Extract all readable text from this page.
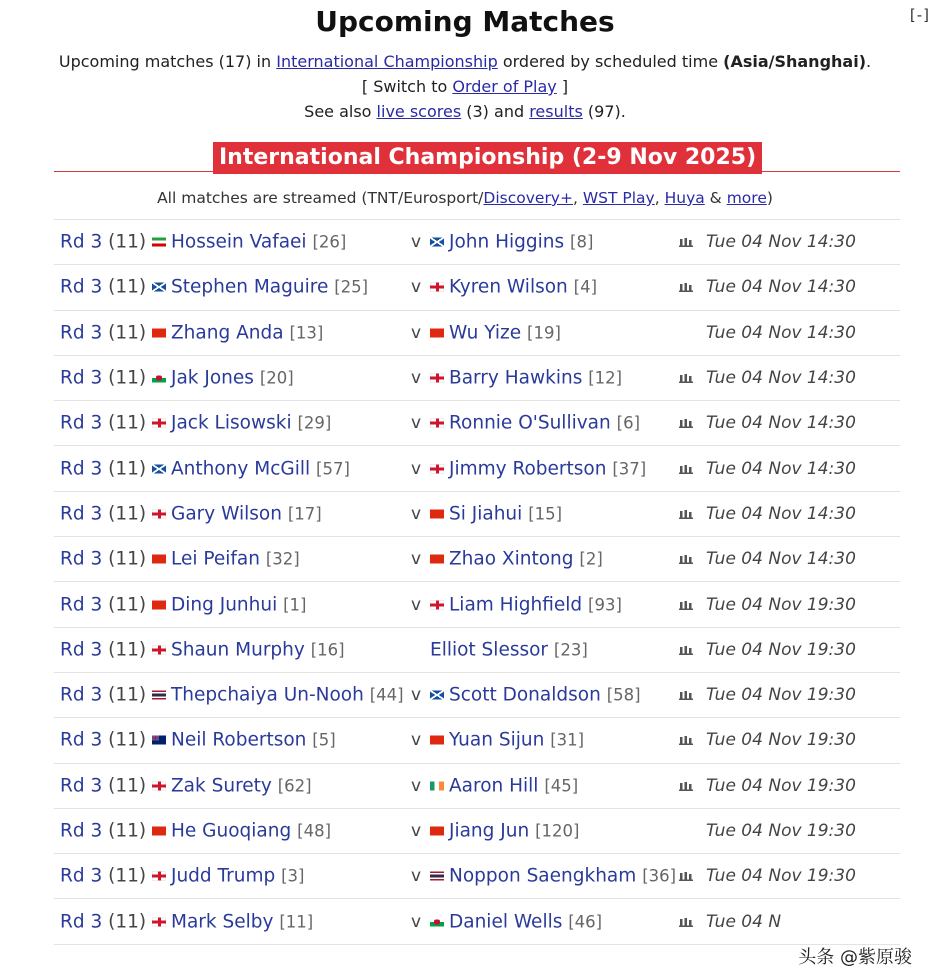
[-]
Upcoming Matches
Upcoming matches (17) in International Championship ordered by scheduled time (Asia/Shanghai).
[ Switch to Order of Play ]
See also live scores (3) and results (97).
International Championship (2-9 Nov 2025)
All matches are streamed (TNT/Eurosport/Discovery+, WST Play, Huya & more)
Rd 3 (11)	Hossein Vafaei [26]	v	John Higgins [8]	Tue 04 Nov 14:30
Rd 3 (11)	Stephen Maguire [25]	v	Kyren Wilson [4]	Tue 04 Nov 14:30
Rd 3 (11)	Zhang Anda [13]	v	Wu Yize [19]	Tue 04 Nov 14:30
Rd 3 (11)	Jak Jones [20]	v	Barry Hawkins [12]	Tue 04 Nov 14:30
Rd 3 (11)	Jack Lisowski [29]	v	Ronnie O'Sullivan [6]	Tue 04 Nov 14:30
Rd 3 (11)	Anthony McGill [57]	v	Jimmy Robertson [37]	Tue 04 Nov 14:30
Rd 3 (11)	Gary Wilson [17]	v	Si Jiahui [15]	Tue 04 Nov 14:30
Rd 3 (11)	Lei Peifan [32]	v	Zhao Xintong [2]	Tue 04 Nov 14:30
Rd 3 (11)	Ding Junhui [1]	v	Liam Highfield [93]	Tue 04 Nov 19:30
Rd 3 (11)	Shaun Murphy [16]	Elliot Slessor [23]	Tue 04 Nov 19:30
Rd 3 (11)	Thepchaiya Un-Nooh [44] v	Scott Donaldson [58]	Tue 04 Nov 19:30
Rd 3 (11)	Neil Robertson [5]	v	Yuan Sijun [31]	Tue 04 Nov 19:30
Rd 3 (11)	Zak Surety [62]	v	Aaron Hill [45]	Tue 04 Nov 19:30
Rd 3 (11)	He Guoqiang [48]	v	Jiang Jun [120]	Tue 04 Nov 19:30
Rd 3 (11)	Judd Trump [3]	v	Noppon Saengkham [36] Tue 04 Nov 19:30
Rd 3 (11)	Mark Selby [11]	v	Daniel Wells [46]	Tue 04 N
头条 @紫原骏
